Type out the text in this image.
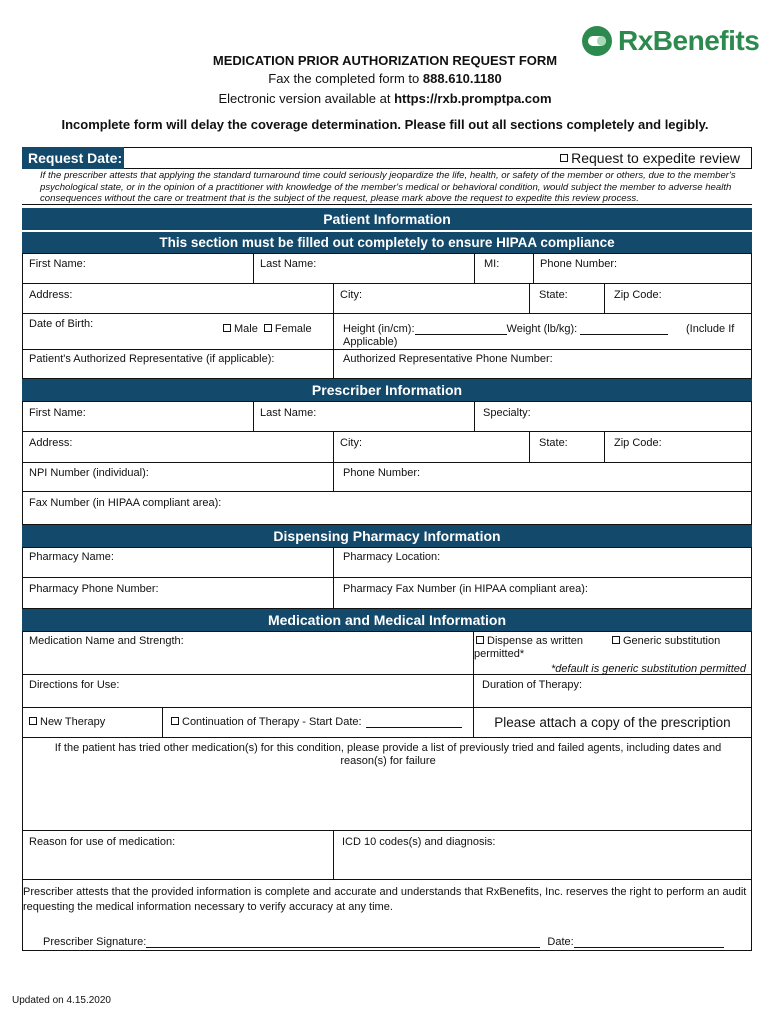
RxBenefits
MEDICATION PRIOR AUTHORIZATION REQUEST FORM
Fax the completed form to 888.610.1180
Electronic version available at https://rxb.promptpa.com
Incomplete form will delay the coverage determination. Please fill out all sections completely and legibly.
Request Date:	Request to expedite review
If the prescriber attests that applying the standard turnaround time could seriously jeopardize the life, health, or safety of the member or others, due to the member's psychological state, or in the opinion of a practitioner with knowledge of the member's medical or behavioral condition, would subject the member to adverse health consequences without the care or treatment that is the subject of the request, please mark above the request to expedite this review process.
Patient Information
This section must be filled out completely to ensure HIPAA compliance
First Name:	Last Name:	MI:	Phone Number:
Address:	City:	State:	Zip Code:
Date of Birth:	Male Female	Height (in/cm):	Weight (lb/kg):	(Include If
Applicable)
Patient's Authorized Representative (if applicable):	Authorized Representative Phone Number:
Prescriber Information
First Name:	Last Name:	Specialty:
Address:	City:	State:	Zip Code:
NPI Number (individual):	Phone Number:
Fax Number (in HIPAA compliant area):
Dispensing Pharmacy Information
Pharmacy Name:	Pharmacy Location:
Pharmacy Phone Number:	Pharmacy Fax Number (in HIPAA compliant area):
Medication and Medical Information
Medication Name and Strength:	Dispense as written
permitted*
Generic substitution
*default is generic substitution permitted
Directions for Use:	Duration of Therapy:
New Therapy	Continuation of Therapy - Start Date:	Please attach a copy of the prescription
If the patient has tried other medication(s) for this condition, please provide a list of previously tried and failed agents, including dates and reason(s) for failure
Reason for use of medication:	ICD 10 codes(s) and diagnosis:
Prescriber attests that the provided information is complete and accurate and understands that RxBenefits, Inc. reserves the right to perform an audit requesting the medical information necessary to verify accuracy at any time.
Prescriber Signature:	Date:
Updated on 4.15.2020
